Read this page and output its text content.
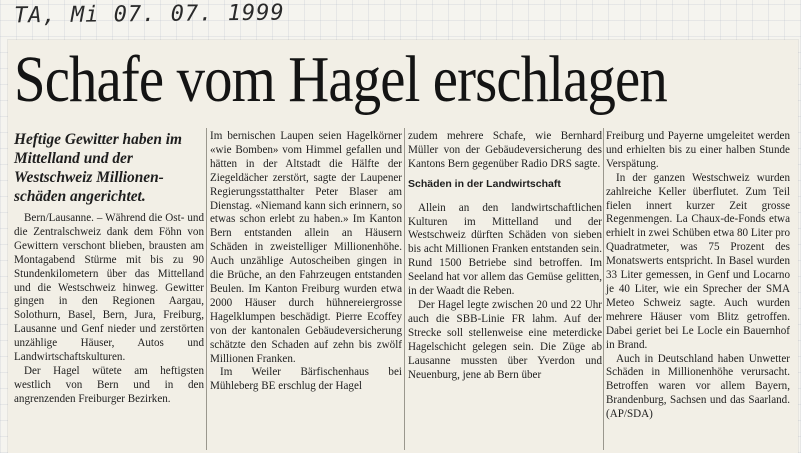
TA, Mi 07. 07. 1999
Schafe vom Hagel erschlagen

Heftige Gewitter haben im Mittelland und der Westschweiz Millionen-schäden angerichtet.

Bern/Lausanne. – Während die Ost- und die Zentralschweiz dank dem Föhn von Gewittern verschont blieben, brausten am Montagabend Stürme mit bis zu 90 Stundenkilometern über das Mittelland und die Westschweiz hinweg. Gewitter gingen in den Regionen Aargau, Solothurn, Basel, Bern, Jura, Freiburg, Lausanne und Genf nieder und zerstörten unzählige Häuser, Autos und Landwirtschaftskulturen.

Der Hagel wütete am heftigsten westlich von Bern und in den angrenzenden Freiburger Bezirken.

Im bernischen Laupen seien Hagelkörner «wie Bomben» vom Himmel gefallen und hätten in der Altstadt die Hälfte der Ziegeldächer zerstört, sagte der Laupener Regierungsstatthalter Peter Blaser am Dienstag. «Niemand kann sich erinnern, so etwas schon erlebt zu haben.» Im Kanton Bern entstanden allein an Häusern Schäden in zweistelliger Millionenhöhe. Auch unzählige Autoscheiben gingen in die Brüche, an den Fahrzeugen entstanden Beulen. Im Kanton Freiburg wurden etwa 2000 Häuser durch hühnereiergrosse Hagelklumpen beschädigt. Pierre Ecoffey von der kantonalen Gebäudeversicherung schätzte den Schaden auf zehn bis zwölf Millionen Franken.

Im Weiler Bärfischenhaus bei Mühleberg BE erschlug der Hagel

zudem mehrere Schafe, wie Bernhard Müller von der Gebäudeversicherung des Kantons Bern gegenüber Radio DRS sagte.

Schäden in der Landwirtschaft

Allein an den landwirtschaftlichen Kulturen im Mittelland und der Westschweiz dürften Schäden von sieben bis acht Millionen Franken entstanden sein. Rund 1500 Betriebe sind betroffen. Im Seeland hat vor allem das Gemüse gelitten, in der Waadt die Reben.

Der Hagel legte zwischen 20 und 22 Uhr auch die SBB-Linie FR lahm. Auf der Strecke soll stellenweise eine meterdicke Hagelschicht gelegen sein. Die Züge ab Lausanne mussten über Yverdon und Neuenburg, jene ab Bern über

Freiburg und Payerne umgeleitet werden und erhielten bis zu einer halben Stunde Verspätung.

In der ganzen Westschweiz wurden zahlreiche Keller überflutet. Zum Teil fielen innert kurzer Zeit grosse Regenmengen. La Chaux-de-Fonds etwa erhielt in zwei Schüben etwa 80 Liter pro Quadratmeter, was 75 Prozent des Monatswerts entspricht. In Basel wurden 33 Liter gemessen, in Genf und Locarno je 40 Liter, wie ein Sprecher der SMA Meteo Schweiz sagte. Auch wurden mehrere Häuser vom Blitz getroffen. Dabei geriet bei Le Locle ein Bauernhof in Brand.

Auch in Deutschland haben Unwetter Schäden in Millionenhöhe verursacht. Betroffen waren vor allem Bayern, Brandenburg, Sachsen und das Saarland. (AP/SDA)
